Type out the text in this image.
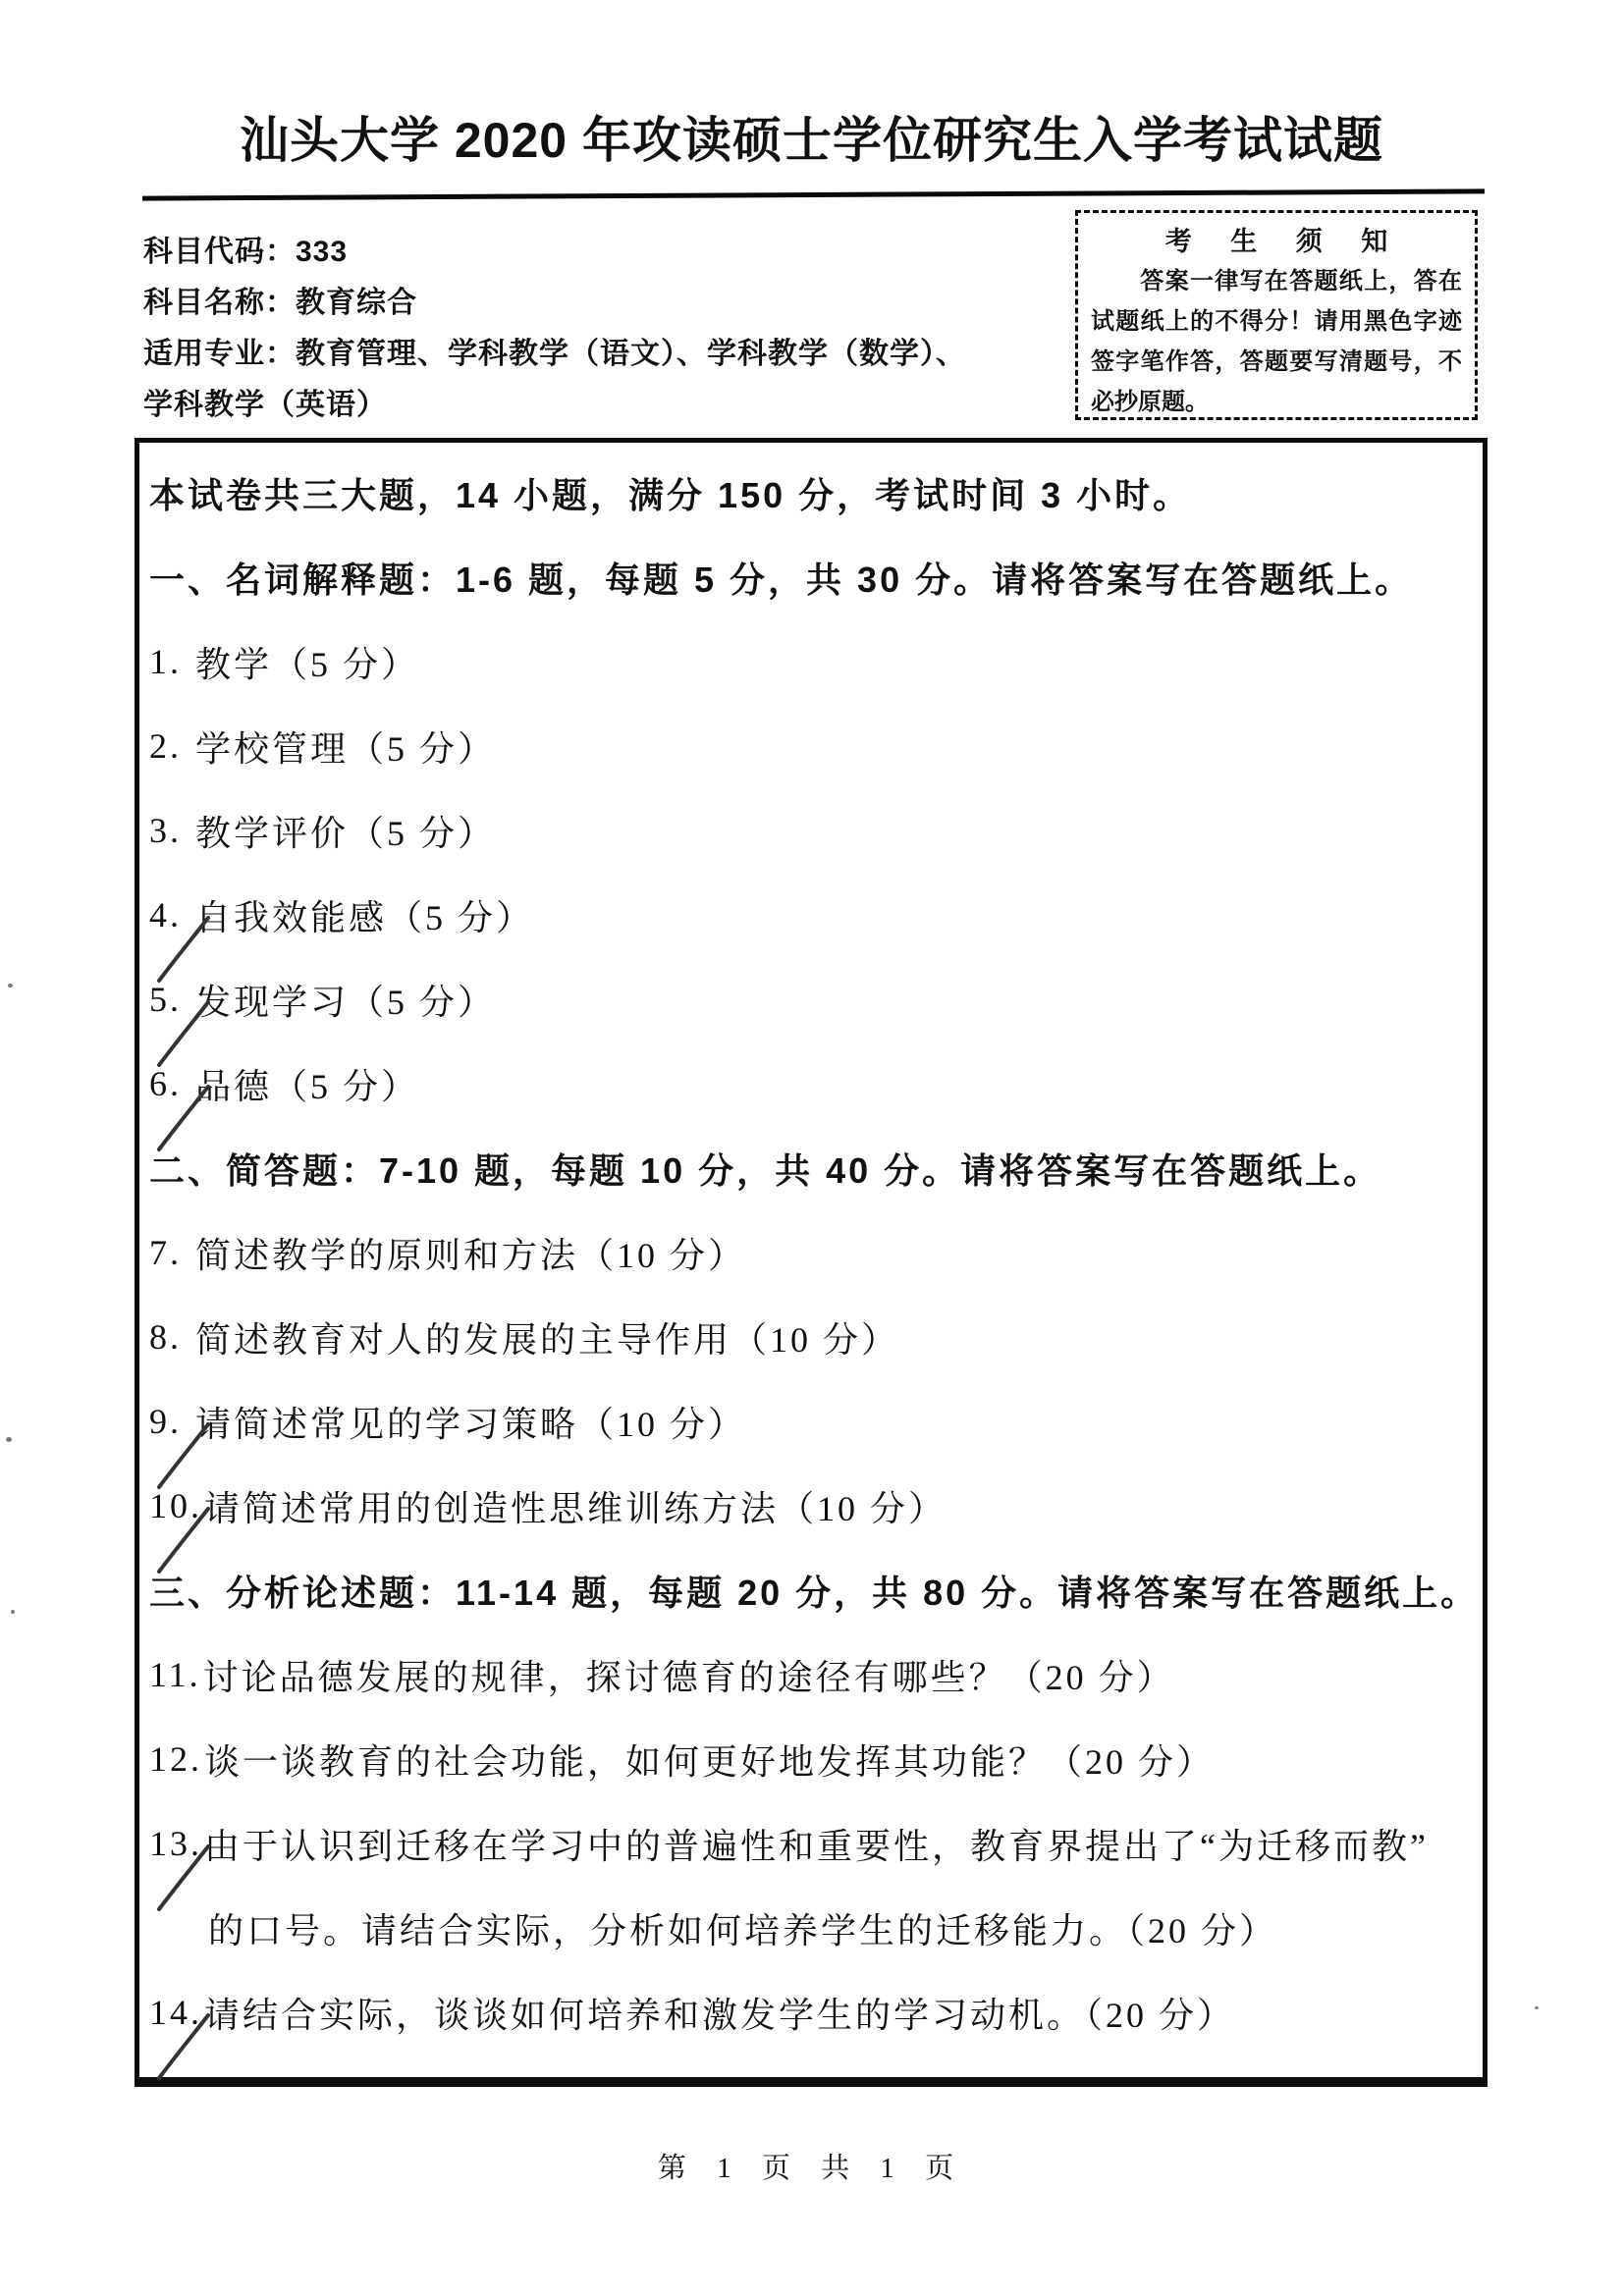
汕头大学 2020 年攻读硕士学位研究生入学考试试题
科目代码：333
科目名称：教育综合
适用专业：教育管理、学科教学（语文）、学科教学（数学）、
学科教学（英语）
考 生 须 知
答案一律写在答题纸上，答在试题纸上的不得分！请用黑色字迹签字笔作答，答题要写清题号，不必抄原题。
本试卷共三大题，14 小题，满分 150 分，考试时间 3 小时。
一、名词解释题：1-6 题，每题 5 分，共 30 分。请将答案写在答题纸上。
1. 教学（5 分）
2. 学校管理（5 分）
3. 教学评价（5 分）
4. 自我效能感（5 分）
5. 发现学习（5 分）
6. 品德（5 分）
二、简答题：7-10 题，每题 10 分，共 40 分。请将答案写在答题纸上。
7. 简述教学的原则和方法（10 分）
8. 简述教育对人的发展的主导作用（10 分）
9. 请简述常见的学习策略（10 分）
10. 请简述常用的创造性思维训练方法（10 分）
三、分析论述题：11-14 题，每题 20 分，共 80 分。请将答案写在答题纸上。
11. 讨论品德发展的规律，探讨德育的途径有哪些？（20 分）
12. 谈一谈教育的社会功能，如何更好地发挥其功能？（20 分）
13. 由于认识到迁移在学习中的普遍性和重要性，教育界提出了“为迁移而教”
的口号。请结合实际，分析如何培养学生的迁移能力。（20 分）
14. 请结合实际，谈谈如何培养和激发学生的学习动机。（20 分）
第 1 页 共 1 页
